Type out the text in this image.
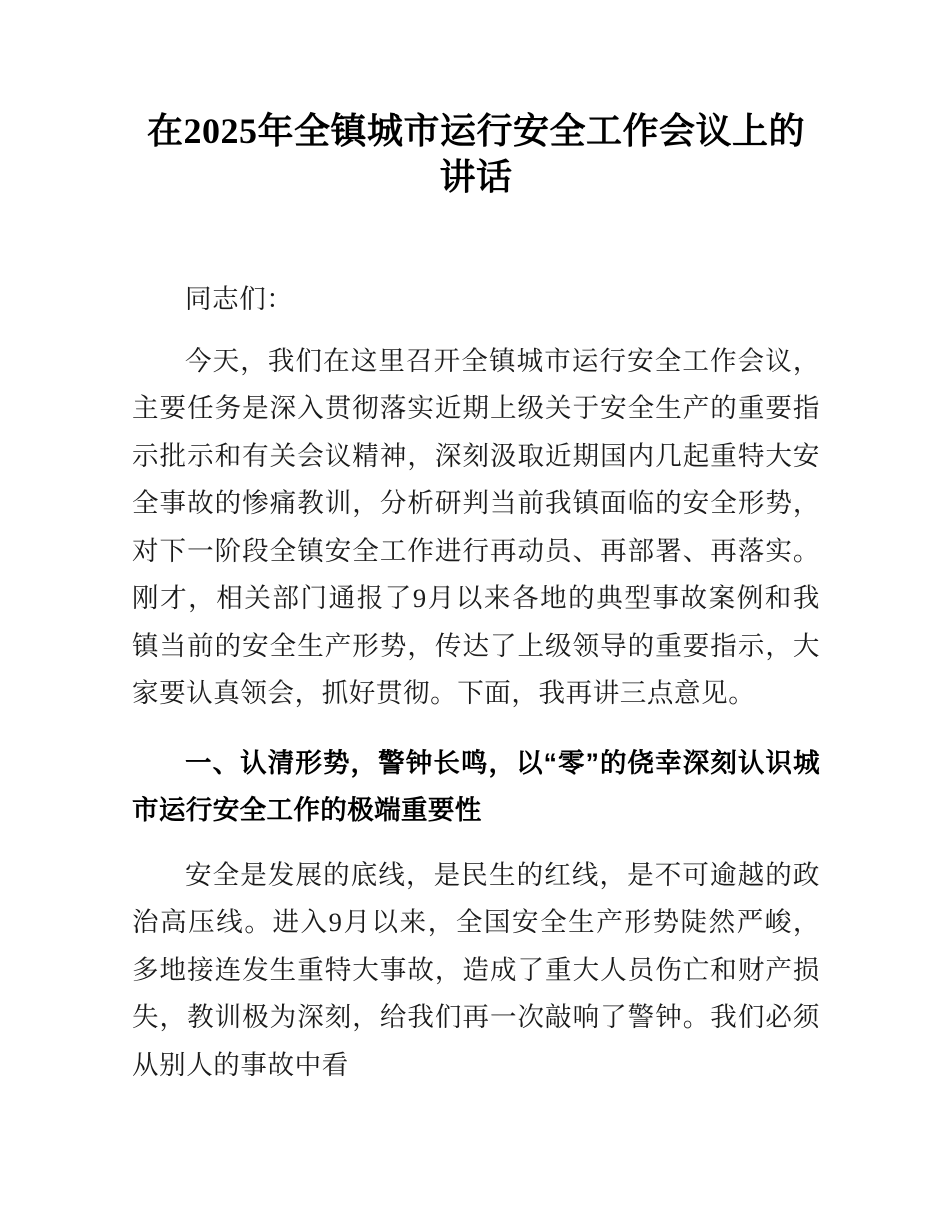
在2025年全镇城市运行安全工作会议上的讲话

同志们：

今天，我们在这里召开全镇城市运行安全工作会议，主要任务是深入贯彻落实近期上级关于安全生产的重要指示批示和有关会议精神，深刻汲取近期国内几起重特大安全事故的惨痛教训，分析研判当前我镇面临的安全形势，对下一阶段全镇安全工作进行再动员、再部署、再落实。刚才，相关部门通报了9月以来各地的典型事故案例和我镇当前的安全生产形势，传达了上级领导的重要指示，大家要认真领会，抓好贯彻。下面，我再讲三点意见。

一、认清形势，警钟长鸣，以“零”的侥幸深刻认识城市运行安全工作的极端重要性

安全是发展的底线，是民生的红线，是不可逾越的政治高压线。进入9月以来，全国安全生产形势陡然严峻，多地接连发生重特大事故，造成了重大人员伤亡和财产损失，教训极为深刻，给我们再一次敲响了警钟。我们必须从别人的事故中看
